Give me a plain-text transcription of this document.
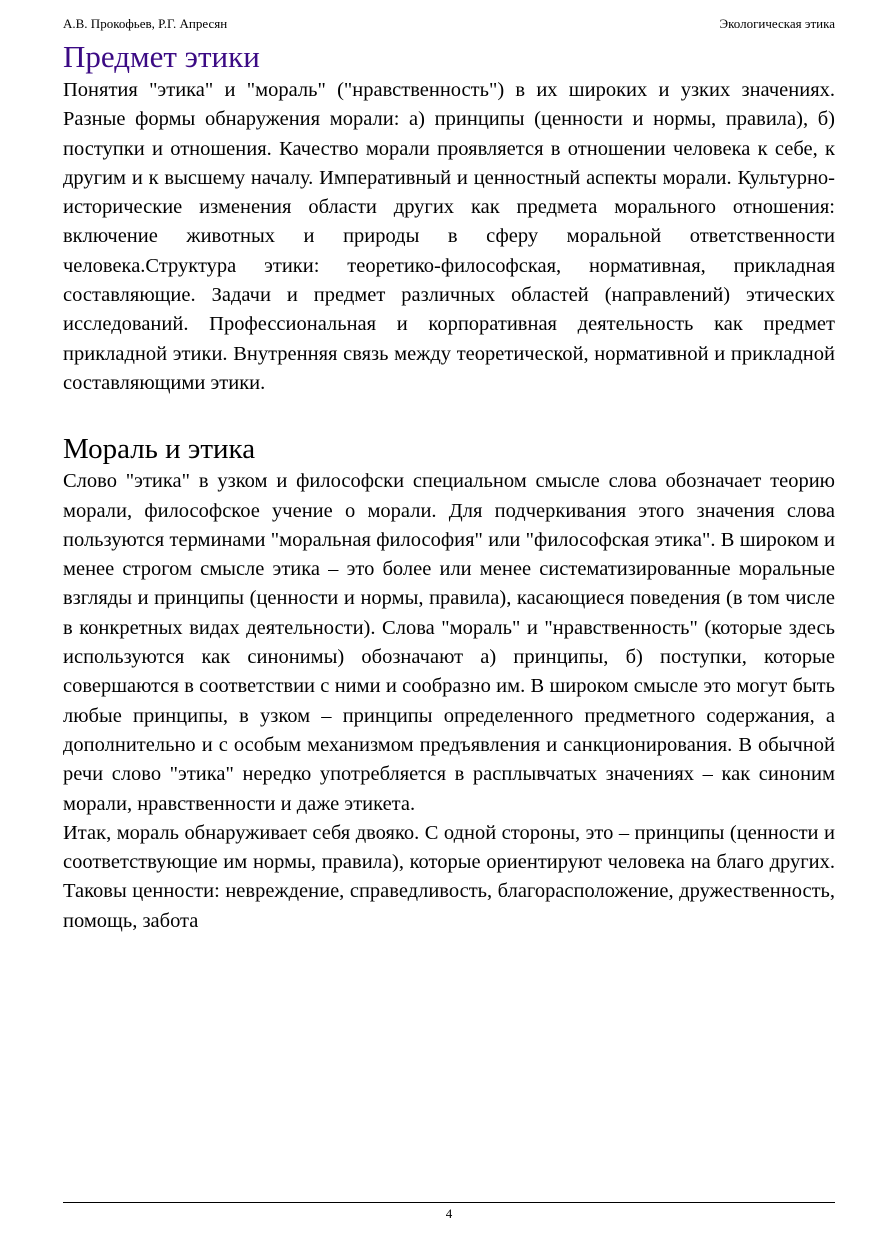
А.В. Прокофьев, Р.Г. Апресян	Экологическая этика
Предмет этики

Понятия "этика" и "мораль" ("нравственность") в их широких и узких значениях. Разные формы обнаружения морали: а) принципы (ценности и нормы, правила), б) поступки и отношения. Качество морали проявляется в отношении человека к себе, к другим и к высшему началу. Императивный и ценностный аспекты морали. Культурно-исторические изменения области других как предмета морального отношения: включение животных и природы в сферу моральной ответственности человека.Структура этики: теоретико-философская, нормативная, прикладная составляющие. Задачи и предмет различных областей (направлений) этических исследований. Профессиональная и корпоративная деятельность как предмет прикладной этики. Внутренняя связь между теоретической, нормативной и прикладной составляющими этики.

Мораль и этика

Слово "этика" в узком и философски специальном смысле слова обозначает теорию морали, философское учение о морали. Для подчеркивания этого значения слова пользуются терминами "моральная философия" или "философская этика". В широком и менее строгом смысле этика – это более или менее систематизированные моральные взгляды и принципы (ценности и нормы, правила), касающиеся поведения (в том числе в конкретных видах деятельности). Слова "мораль" и "нравственность" (которые здесь используются как синонимы) обозначают а) принципы, б) поступки, которые совершаются в соответствии с ними и сообразно им. В широком смысле это могут быть любые принципы, в узком – принципы определенного предметного содержания, а дополнительно и с особым механизмом предъявления и санкционирования. В обычной речи слово "этика" нередко употребляется в расплывчатых значениях – как синоним морали, нравственности и даже этикета.

Итак, мораль обнаруживает себя двояко. С одной стороны, это – принципы (ценности и соответствующие им нормы, правила), которые ориентируют человека на благо других. Таковы ценности: невреждение, справедливость, благорасположение, дружественность, помощь, забота

4
